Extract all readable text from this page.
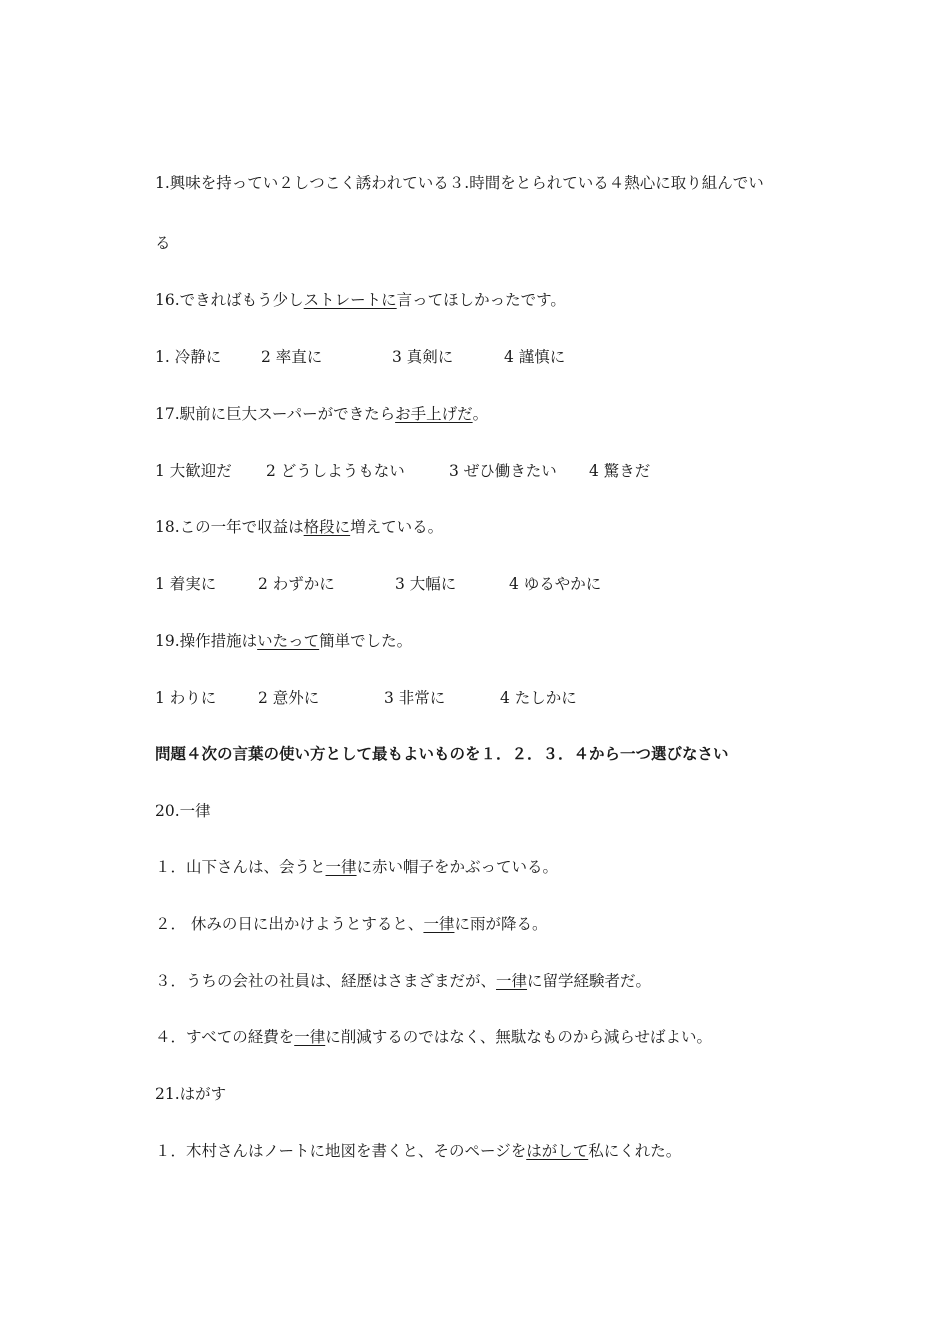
1.興味を持ってい２しつこく誘われている３.時間をとられている４熱心に取り組んでい
る
16.できればもう少しストレートに言ってほしかったです。
1. 冷静に	2 率直に	3 真剣に	4 謹慎に
17.駅前に巨大スーパーができたらお手上げだ。
1 大歓迎だ 2 どうしようもない	3 ぜひ働きたい 4 驚きだ
18.この一年で収益は格段に増えている。
1 着実に	2 わずかに	3 大幅に	4 ゆるやかに
19.操作措施はいたって簡単でした。
1 わりに	2 意外に	3 非常に	4 たしかに
問題４次の言葉の使い方として最もよいものを１．２．３．４から一つ選びなさい
20.一律
１．山下さんは、会うと一律に赤い帽子をかぶっている。
２． 休みの日に出かけようとすると、一律に雨が降る。
３．うちの会社の社員は、経歴はさまざまだが、一律に留学経験者だ。
４．すべての経費を一律に削減するのではなく、無駄なものから減らせばよい。
21.はがす
１．木村さんはノートに地図を書くと、そのページをはがして私にくれた。
